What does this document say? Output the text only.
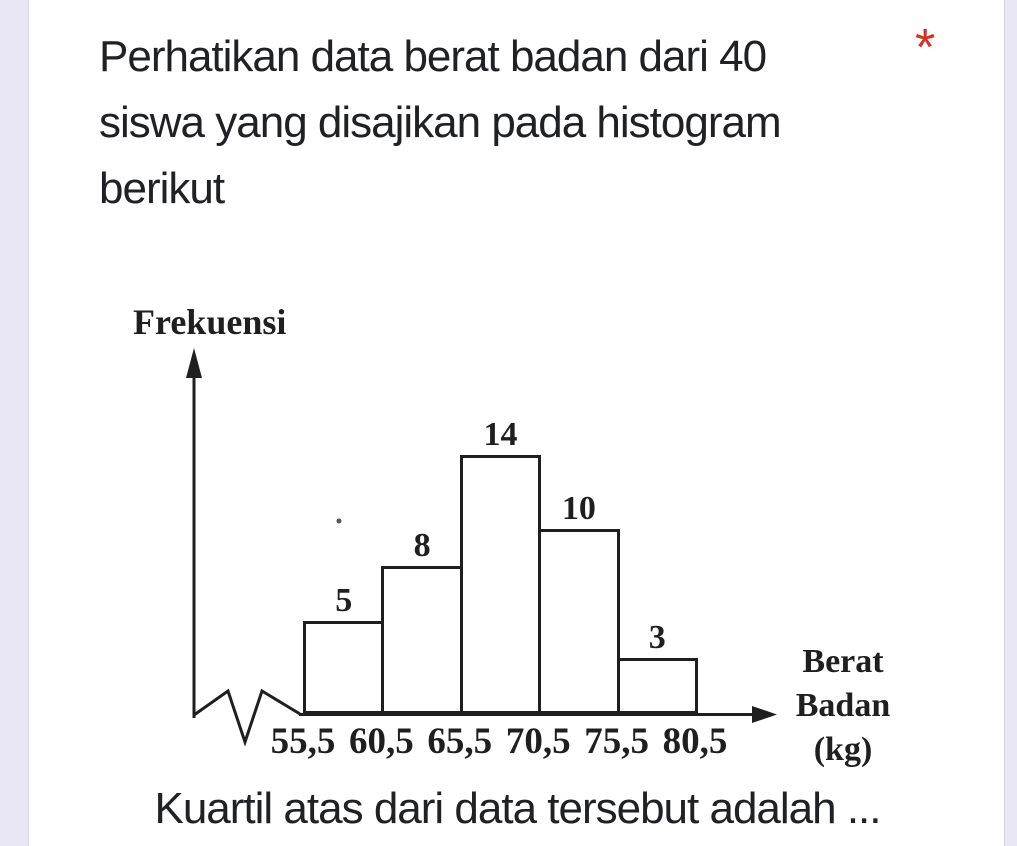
Perhatikan data berat badan dari 40
siswa yang disajikan pada histogram
berikut
*
Frekuensi
5
8
14
10
3
55,5 60,5 65,5 70,5 75,5 80,5
Berat
Badan
(kg)
Kuartil atas dari data tersebut adalah ...
